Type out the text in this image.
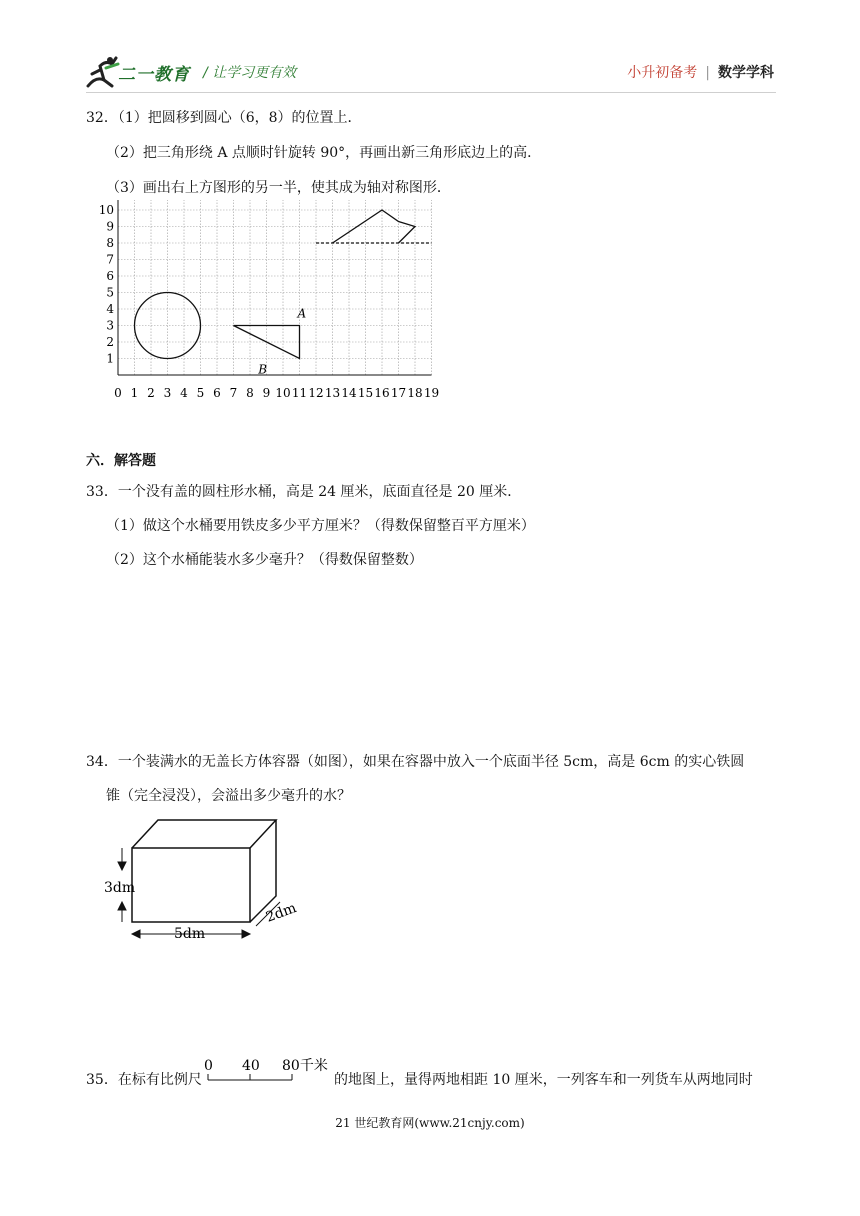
二一教育 / 让学习更有效	小升初备考 | 数学学科
32．（1）把圆移到圆心（6，8）的位置上．
（2）把三角形绕 A 点顺时针旋转 90°，再画出新三角形底边上的高．
（3）画出右上方图形的另一半，使其成为轴对称图形．
0 1 2 3 4 5 6 7 8 9 10 11 12 13 14 15 16 17 18 19
1
2
3
4
5
6
7
8
9
10
A
B
六．解答题
33．一个没有盖的圆柱形水桶，高是 24 厘米，底面直径是 20 厘米．
（1）做这个水桶要用铁皮多少平方厘米？（得数保留整百平方厘米）
（2）这个水桶能装水多少毫升？（得数保留整数）
34．一个装满水的无盖长方体容器（如图），如果在容器中放入一个底面半径 5cm，高是 6cm 的实心铁圆
锥（完全浸没），会溢出多少毫升的水？
3dm
5dm
2dm
35．在标有比例尺
0 40 80千米
的地图上，量得两地相距 10 厘米，一列客车和一列货车从两地同时
21 世纪教育网(www.21cnjy.com)
